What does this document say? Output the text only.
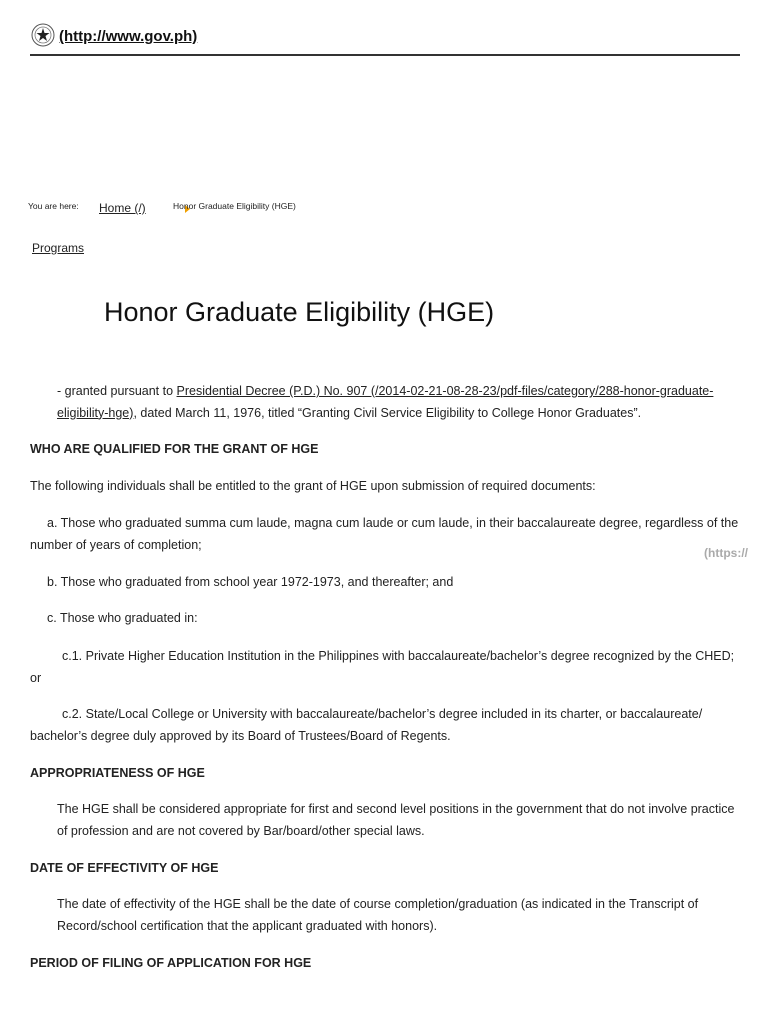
(http://www.gov.ph)
You are here: Home (/)	Honor Graduate Eligibility (HGE)
Programs
Honor Graduate Eligibility (HGE)
- granted pursuant to Presidential Decree (P.D.) No. 907 (/2014-02-21-08-28-23/pdf-files/category/288-honor-graduate-eligibility-hge), dated March 11, 1976, titled “Granting Civil Service Eligibility to College Honor Graduates”.
WHO ARE QUALIFIED FOR THE GRANT OF HGE
The following individuals shall be entitled to the grant of HGE upon submission of required documents:
a. Those who graduated summa cum laude, magna cum laude or cum laude, in their baccalaureate degree, regardless of the number of years of completion;
(https://
b. Those who graduated from school year 1972-1973, and thereafter; and
c. Those who graduated in:
c.1. Private Higher Education Institution in the Philippines with baccalaureate/bachelor’s degree recognized by the CHED; or
c.2. State/Local College or University with baccalaureate/bachelor’s degree included in its charter, or baccalaureate/ bachelor’s degree duly approved by its Board of Trustees/Board of Regents.
APPROPRIATENESS OF HGE
The HGE shall be considered appropriate for first and second level positions in the government that do not involve practice of profession and are not covered by Bar/board/other special laws.
DATE OF EFFECTIVITY OF HGE
The date of effectivity of the HGE shall be the date of course completion/graduation (as indicated in the Transcript of Record/school certification that the applicant graduated with honors).
PERIOD OF FILING OF APPLICATION FOR HGE
